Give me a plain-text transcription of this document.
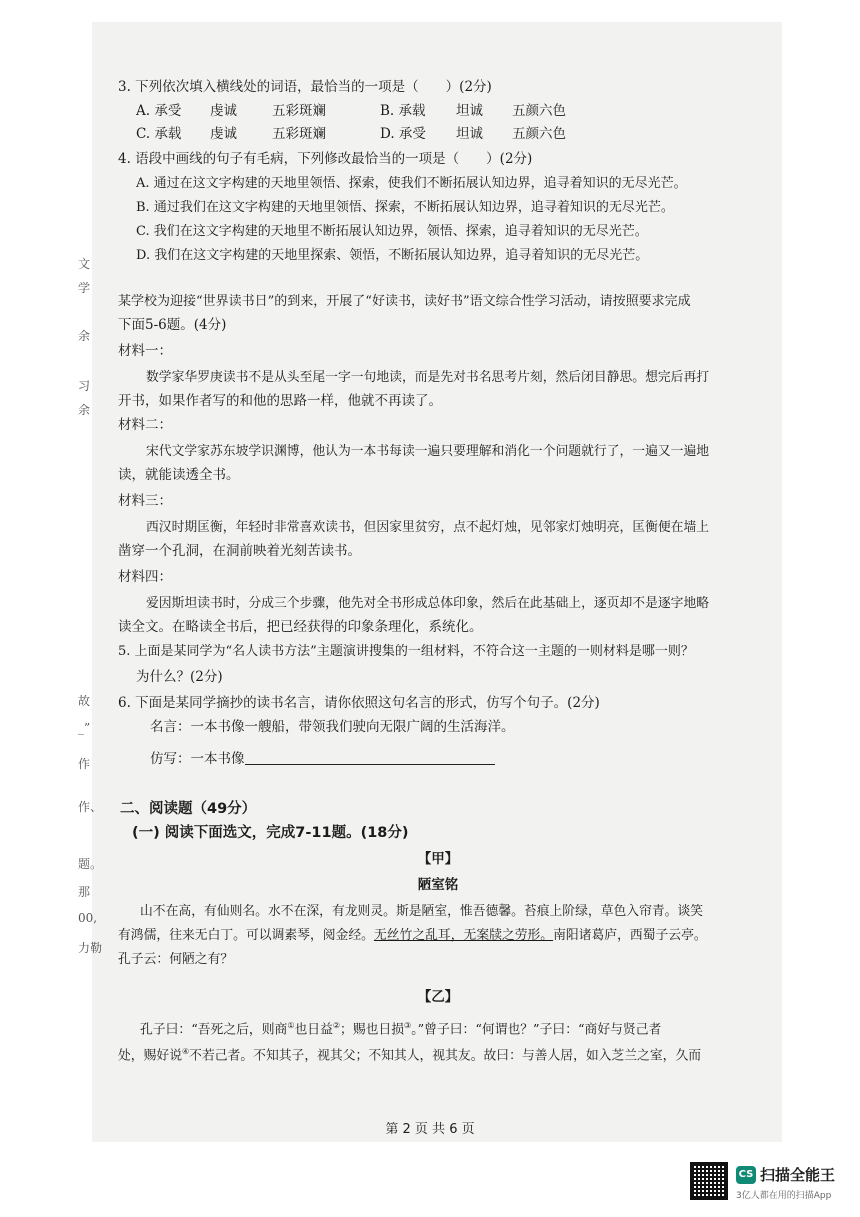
文
学
余
习
余
故
_”
作
作、
题。
那
00,
力勒
3. 下列依次填入横线处的词语，最恰当的一项是（　　）(2分)
A. 承受 虔诚	五彩斑斓	B. 承载 坦诚 五颜六色
C. 承载 虔诚	五彩斑斓	D. 承受 坦诚 五颜六色
4. 语段中画线的句子有毛病，下列修改最恰当的一项是（　　）(2分)
A. 通过在这文字构建的天地里领悟、探索，使我们不断拓展认知边界，追寻着知识的无尽光芒。
B. 通过我们在这文字构建的天地里领悟、探索，不断拓展认知边界，追寻着知识的无尽光芒。
C. 我们在这文字构建的天地里不断拓展认知边界，领悟、探索，追寻着知识的无尽光芒。
D. 我们在这文字构建的天地里探索、领悟，不断拓展认知边界，追寻着知识的无尽光芒。
某学校为迎接“世界读书日”的到来，开展了“好读书，读好书”语文综合性学习活动，请按照要求完成
下面5-6题。(4分)
材料一：
数学家华罗庚读书不是从头至尾一字一句地读，而是先对书名思考片刻，然后闭目静思。想完后再打
开书，如果作者写的和他的思路一样，他就不再读了。
材料二：
宋代文学家苏东坡学识渊博，他认为一本书每读一遍只要理解和消化一个问题就行了，一遍又一遍地
读，就能读透全书。
材料三：
西汉时期匡衡，年轻时非常喜欢读书，但因家里贫穷，点不起灯烛，见邻家灯烛明亮，匡衡便在墙上
凿穿一个孔洞，在洞前映着光刻苦读书。
材料四：
爱因斯坦读书时，分成三个步骤，他先对全书形成总体印象，然后在此基础上，逐页却不是逐字地略
读全文。在略读全书后，把已经获得的印象条理化，系统化。
5. 上面是某同学为“名人读书方法”主题演讲搜集的一组材料，不符合这一主题的一则材料是哪一则？
为什么？(2分)
6. 下面是某同学摘抄的读书名言，请你依照这句名言的形式，仿写个句子。(2分)
名言：一本书像一艘船，带领我们驶向无限广阔的生活海洋。
仿写：一本书像
二、阅读题（49分）
(一) 阅读下面选文，完成7-11题。(18分)
【甲】
陋室铭
山不在高，有仙则名。水不在深，有龙则灵。斯是陋室，惟吾德馨。苔痕上阶绿，草色入帘青。谈笑
有鸿儒，往来无白丁。可以调素琴，阅金经。无丝竹之乱耳，无案牍之劳形。南阳诸葛庐，西蜀子云亭。
孔子云：何陋之有？
【乙】
孔子曰：“吾死之后，则商①也日益②；赐也日损③。”曾子曰：“何谓也？”子曰：“商好与贤己者
处，赐好说④不若己者。不知其子，视其父；不知其人，视其友。故曰：与善人居，如入芝兰之室，久而
第 2 页 共 6 页
CS 扫描全能王
3亿人都在用的扫描App
